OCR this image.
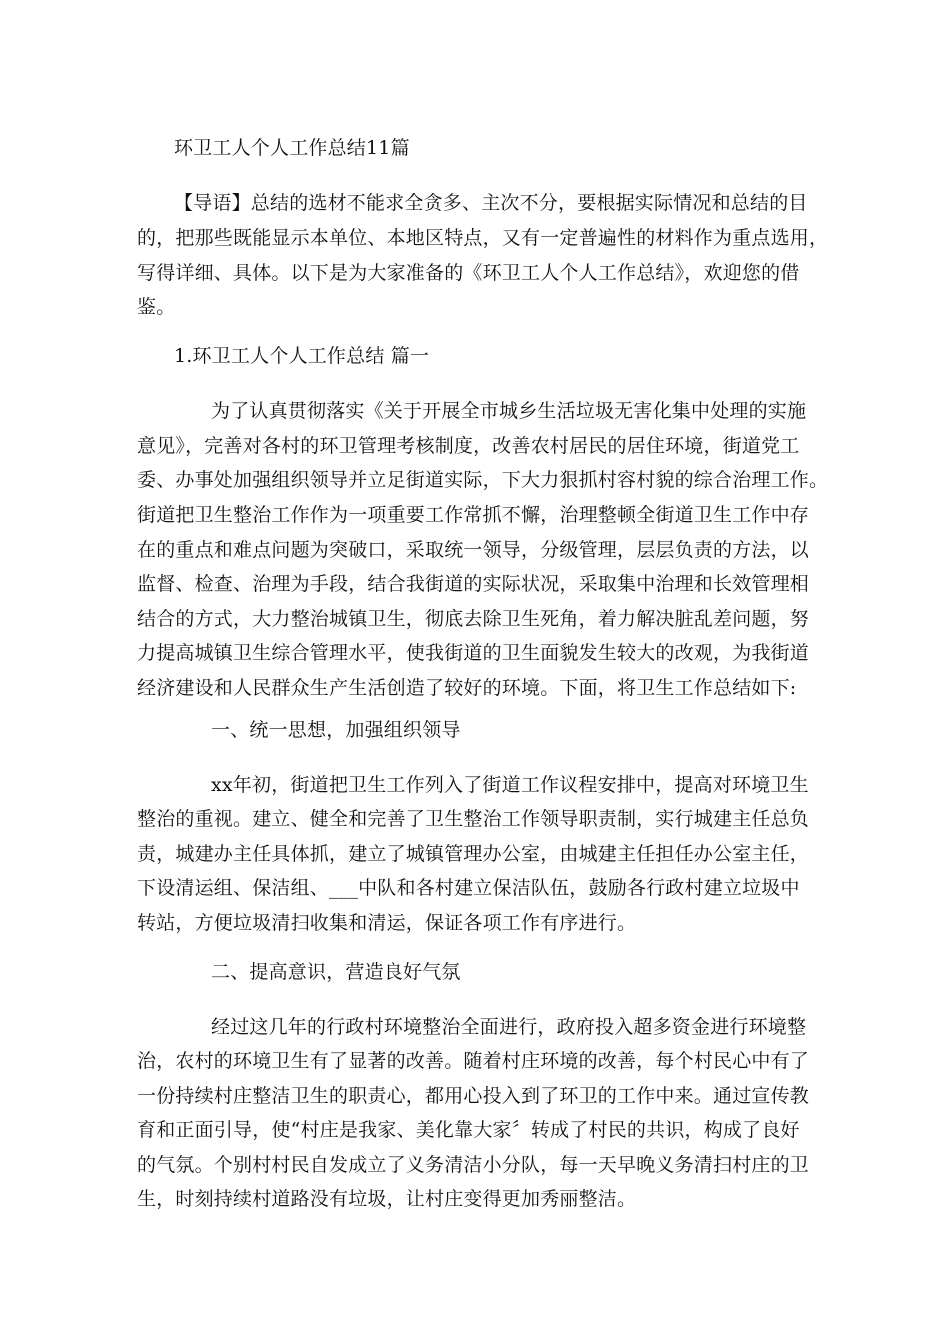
环卫工人个人工作总结11篇
【导语】总结的选材不能求全贪多、主次不分，要根据实际情况和总结的目
的，把那些既能显示本单位、本地区特点，又有一定普遍性的材料作为重点选用，
写得详细、具体。以下是为大家准备的《环卫工人个人工作总结》，欢迎您的借
鉴。
1.环卫工人个人工作总结 篇一
为了认真贯彻落实《关于开展全市城乡生活垃圾无害化集中处理的实施
意见》，完善对各村的环卫管理考核制度，改善农村居民的居住环境，街道党工
委、办事处加强组织领导并立足街道实际，下大力狠抓村容村貌的综合治理工作。
街道把卫生整治工作作为一项重要工作常抓不懈，治理整顿全街道卫生工作中存
在的重点和难点问题为突破口，采取统一领导，分级管理，层层负责的方法，以
监督、检查、治理为手段，结合我街道的实际状况，采取集中治理和长效管理相
结合的方式，大力整治城镇卫生，彻底去除卫生死角，着力解决脏乱差问题，努
力提高城镇卫生综合管理水平，使我街道的卫生面貌发生较大的改观，为我街道
经济建设和人民群众生产生活创造了较好的环境。下面，将卫生工作总结如下:
一、统一思想，加强组织领导
xx年初，街道把卫生工作列入了街道工作议程安排中，提高对环境卫生
整治的重视。建立、健全和完善了卫生整治工作领导职责制，实行城建主任总负
责，城建办主任具体抓，建立了城镇管理办公室，由城建主任担任办公室主任，
下设清运组、保洁组、___中队和各村建立保洁队伍，鼓励各行政村建立垃圾中
转站，方便垃圾清扫收集和清运，保证各项工作有序进行。
二、提高意识，营造良好气氛
经过这几年的行政村环境整治全面进行，政府投入超多资金进行环境整
治，农村的环境卫生有了显著的改善。随着村庄环境的改善，每个村民心中有了
一份持续村庄整洁卫生的职责心，都用心投入到了环卫的工作中来。通过宣传教
育和正面引导，使“村庄是我家、美化靠大家〞转成了村民的共识，构成了良好
的气氛。个别村村民自发成立了义务清洁小分队，每一天早晚义务清扫村庄的卫
生，时刻持续村道路没有垃圾，让村庄变得更加秀丽整洁。
